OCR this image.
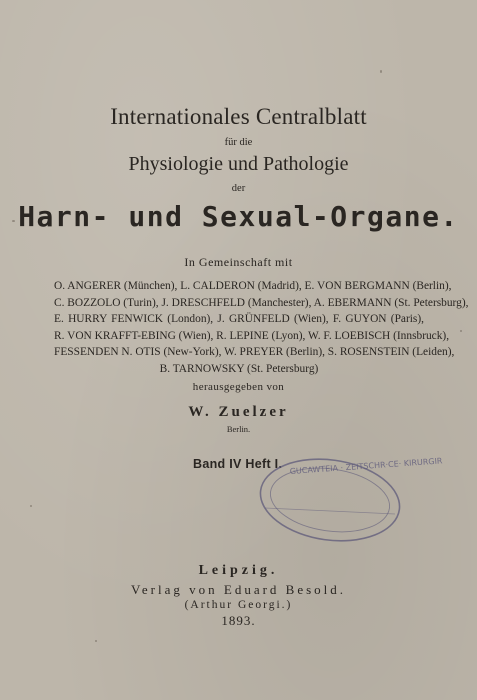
Internationales Centralblatt
für die
Physiologie und Pathologie
der
Harn- und Sexual-Organe.
In Gemeinschaft mit
O. ANGERER (München), L. CALDERON (Madrid), E. VON BERGMANN (Berlin),
C. BOZZOLO (Turin), J. DRESCHFELD (Manchester), A. EBERMANN (St. Petersburg),
E. HURRY FENWICK (London), J. GRÜNFELD (Wien), F. GUYON (Paris),
R. VON KRAFFT-EBING (Wien), R. LEPINE (Lyon), W. F. LOEBISCH (Innsbruck),
FESSENDEN N. OTIS (New-York), W. PREYER (Berlin), S. ROSENSTEIN (Leiden),
B. TARNOWSKY (St. Petersburg)
herausgegeben von
W. Zuelzer
Berlin.
Band IV Heft I. GUCAWTEIA · ZEITSCHR·CE· KIRURGIR
Leipzig.
Verlag von Eduard Besold.
(Arthur Georgi.)
1893.
